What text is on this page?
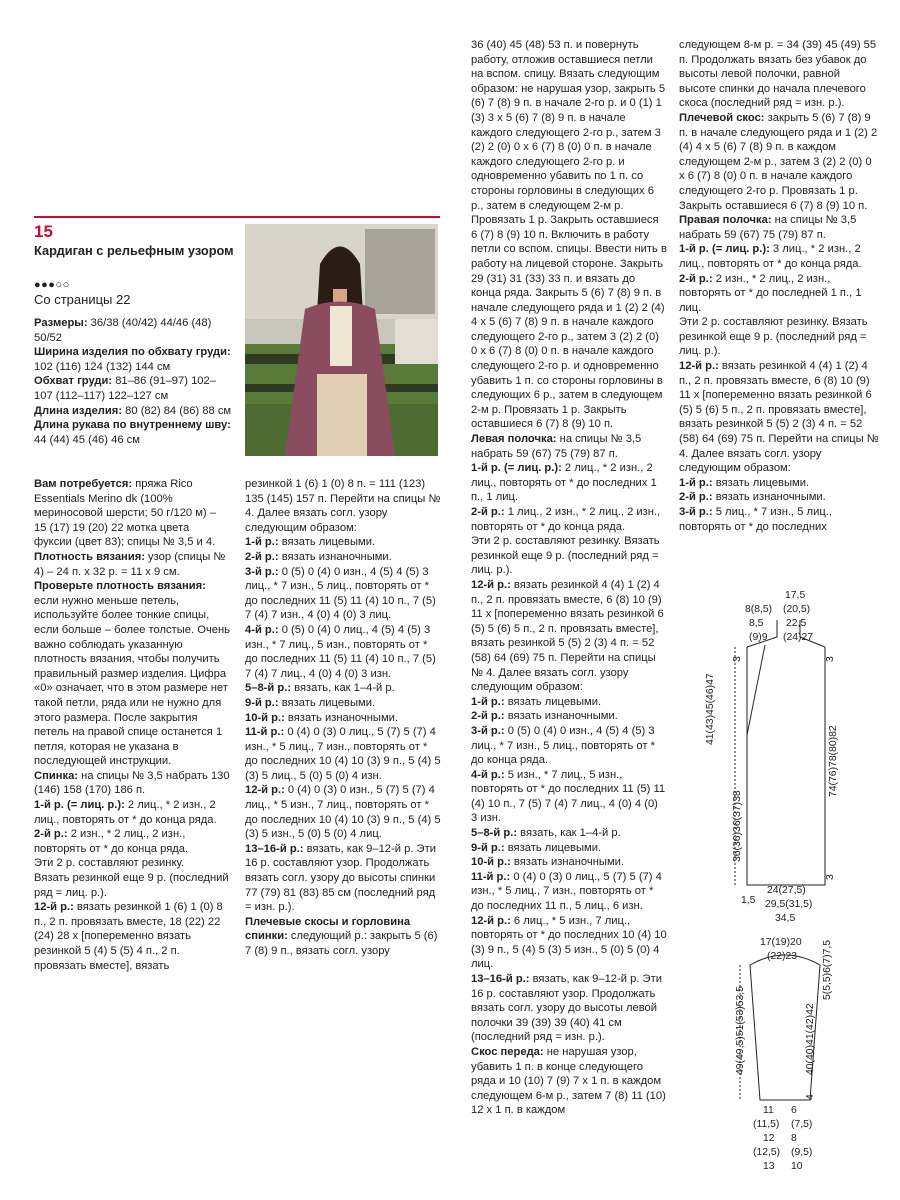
15
Кардиган с рельефным узором
●●●○○
Со страницы 22

Размеры: 36/38 (40/42) 44/46 (48) 50/52

Ширина изделия по обхвату груди: 102 (116) 124 (132) 144 см

Обхват груди: 81–86 (91–97) 102–107 (112–117) 122–127 см

Длина изделия: 80 (82) 84 (86) 88 см

Длина рукава по внутреннему шву: 44 (44) 45 (46) 46 см

Вам потребуется: пряжа Rico Essentials Merino dk (100% мериносовой шерсти; 50 г/120 м) – 15 (17) 19 (20) 22 мотка цвета фуксии (цвет 83); спицы № 3,5 и 4.

Плотность вязания: узор (спицы № 4) – 24 п. х 32 р. = 11 х 9 см.

Проверьте плотность вязания: если нужно меньше петель, используйте более тонкие спицы, если больше – более толстые. Очень важно соблюдать указанную плотность вязания, чтобы получить правильный размер изделия. Цифра «0» означает, что в этом размере нет такой петли, ряда или не нужно для этого размера. После закрытия петель на правой спице останется 1 петля, которая не указана в последующей инструкции.

Спинка: на спицы № 3,5 набрать 130 (146) 158 (170) 186 п.

1-й р. (= лиц. р.): 2 лиц., * 2 изн., 2 лиц., повторять от * до конца ряда.

2-й р.: 2 изн., * 2 лиц., 2 изн., повторять от * до конца ряда.

Эти 2 р. составляют резинку.

Вязать резинкой еще 9 р. (последний ряд = лиц. р.).

12-й р.: вязать резинкой 1 (6) 1 (0) 8 п., 2 п. провязать вместе, 18 (22) 22 (24) 28 х [попеременно вязать резинкой 5 (4) 5 (5) 4 п., 2 п. провязать вместе], вязать

резинкой 1 (6) 1 (0) 8 п. = 111 (123) 135 (145) 157 п. Перейти на спицы № 4. Далее вязать согл. узору следующим образом:

1-й р.: вязать лицевыми.

2-й р.: вязать изнаночными.

3-й р.: 0 (5) 0 (4) 0 изн., 4 (5) 4 (5) 3 лиц., * 7 изн., 5 лиц., повторять от * до последних 11 (5) 11 (4) 10 п., 7 (5) 7 (4) 7 изн., 4 (0) 4 (0) 3 лиц.

4-й р.: 0 (5) 0 (4) 0 лиц., 4 (5) 4 (5) 3 изн., * 7 лиц., 5 изн., повторять от * до последних 11 (5) 11 (4) 10 п., 7 (5) 7 (4) 7 лиц., 4 (0) 4 (0) 3 изн.

5–8-й р.: вязать, как 1–4-й р.

9-й р.: вязать лицевыми.

10-й р.: вязать изнаночными.

11-й р.: 0 (4) 0 (3) 0 лиц., 5 (7) 5 (7) 4 изн., * 5 лиц., 7 изн., повторять от * до последних 10 (4) 10 (3) 9 п., 5 (4) 5 (3) 5 лиц., 5 (0) 5 (0) 4 изн.

12-й р.: 0 (4) 0 (3) 0 изн., 5 (7) 5 (7) 4 лиц., * 5 изн., 7 лиц., повторять от * до последних 10 (4) 10 (3) 9 п., 5 (4) 5 (3) 5 изн., 5 (0) 5 (0) 4 лиц.

13–16-й р.: вязать, как 9–12-й р. Эти 16 р. составляют узор. Продолжать вязать согл. узору до высоты спинки 77 (79) 81 (83) 85 см (последний ряд = изн. р.).

Плечевые скосы и горловина спинки: следующий р.: закрыть 5 (6) 7 (8) 9 п., вязать согл. узору

36 (40) 45 (48) 53 п. и повернуть работу, отложив оставшиеся петли на вспом. спицу. Вязать следующим образом: не нарушая узор, закрыть 5 (6) 7 (8) 9 п. в начале 2-го р. и 0 (1) 1 (3) 3 х 5 (6) 7 (8) 9 п. в начале каждого следующего 2-го р., затем 3 (2) 2 (0) 0 х 6 (7) 8 (0) 0 п. в начале каждого следующего 2-го р. и одновременно убавить по 1 п. со стороны горловины в следующих 6 р., затем в следующем 2-м р. Провязать 1 р. Закрыть оставшиеся 6 (7) 8 (9) 10 п. Включить в работу петли со вспом. спицы. Ввести нить в работу на лицевой стороне. Закрыть 29 (31) 31 (33) 33 п. и вязать до конца ряда. Закрыть 5 (6) 7 (8) 9 п. в начале следующего ряда и 1 (2) 2 (4) 4 х 5 (6) 7 (8) 9 п. в начале каждого следующего 2-го р., затем 3 (2) 2 (0) 0 х 6 (7) 8 (0) 0 п. в начале каждого следующего 2-го р. и одновременно убавить 1 п. со стороны горловины в следующих 6 р., затем в следующем 2-м р. Провязать 1 р. Закрыть оставшиеся 6 (7) 8 (9) 10 п.

Левая полочка: на спицы № 3,5 набрать 59 (67) 75 (79) 87 п.

1-й р. (= лиц. р.): 2 лиц., * 2 изн., 2 лиц., повторять от * до последних 1 п., 1 лиц.

2-й р.: 1 лиц., 2 изн., * 2 лиц., 2 изн., повторять от * до конца ряда.

Эти 2 р. составляют резинку. Вязать резинкой еще 9 р. (последний ряд = лиц. р.).

12-й р.: вязать резинкой 4 (4) 1 (2) 4 п., 2 п. провязать вместе, 6 (8) 10 (9) 11 х [попеременно вязать резинкой 6 (5) 5 (6) 5 п., 2 п. провязать вместе], вязать резинкой 5 (5) 2 (3) 4 п. = 52 (58) 64 (69) 75 п. Перейти на спицы № 4. Далее вязать согл. узору следующим образом:

1-й р.: вязать лицевыми.

2-й р.: вязать изнаночными.

3-й р.: 0 (5) 0 (4) 0 изн., 4 (5) 4 (5) 3 лиц., * 7 изн., 5 лиц., повторять от * до конца ряда.

4-й р.: 5 изн., * 7 лиц., 5 изн., повторять от * до последних 11 (5) 11 (4) 10 п., 7 (5) 7 (4) 7 лиц., 4 (0) 4 (0) 3 изн.

5–8-й р.: вязать, как 1–4-й р.

9-й р.: вязать лицевыми.

10-й р.: вязать изнаночными.

11-й р.: 0 (4) 0 (3) 0 лиц., 5 (7) 5 (7) 4 изн., * 5 лиц., 7 изн., повторять от * до последних 11 п., 5 лиц., 6 изн.

12-й р.: 6 лиц., * 5 изн., 7 лиц., повторять от * до последних 10 (4) 10 (3) 9 п., 5 (4) 5 (3) 5 изн., 5 (0) 5 (0) 4 лиц.

13–16-й р.: вязать, как 9–12-й р. Эти 16 р. составляют узор. Продолжать вязать согл. узору до высоты левой полочки 39 (39) 39 (40) 41 см (последний ряд = изн. р.).

Скос переда: не нарушая узор, убавить 1 п. в конце следующего ряда и 10 (10) 7 (9) 7 х 1 п. в каждом следующем 6-м р., затем 7 (8) 11 (10) 12 х 1 п. в каждом

следующем 8-м р. = 34 (39) 45 (49) 55 п. Продолжать вязать без убавок до высоты левой полочки, равной высоте спинки до начала плечевого скоса (последний ряд = изн. р.).

Плечевой скос: закрыть 5 (6) 7 (8) 9 п. в начале следующего ряда и 1 (2) 2 (4) 4 х 5 (6) 7 (8) 9 п. в каждом следующем 2-м р., затем 3 (2) 2 (0) 0 х 6 (7) 8 (0) 0 п. в начале каждого следующего 2-го р. Провязать 1 р. Закрыть оставшиеся 6 (7) 8 (9) 10 п.

Правая полочка: на спицы № 3,5 набрать 59 (67) 75 (79) 87 п.

1-й р. (= лиц. р.): 3 лиц., * 2 изн., 2 лиц., повторять от * до конца ряда.

2-й р.: 2 изн., * 2 лиц., 2 изн., повторять от * до последней 1 п., 1 лиц.

Эти 2 р. составляют резинку. Вязать резинкой еще 9 р. (последний ряд = лиц. р.).

12-й р.: вязать резинкой 4 (4) 1 (2) 4 п., 2 п. провязать вместе, 6 (8) 10 (9) 11 х [попеременно вязать резинкой 6 (5) 5 (6) 5 п., 2 п. провязать вместе], вязать резинкой 5 (5) 2 (3) 4 п. = 52 (58) 64 (69) 75 п. Перейти на спицы № 4. Далее вязать согл. узору следующим образом:

1-й р.: вязать лицевыми.

2-й р.: вязать изнаночными.

3-й р.: 5 лиц., * 7 изн., 5 лиц., повторять от * до последних

17,5
(20,5)
22,5
(24)27
8(8,5)
8,5
(9)9
41(43)45(46)47
74(76)78(80)82
36(36)36(37)38
3	3
3
24(27,5)
29,5(31,5)
34,5
1,5
17(19)20
(22)23 5(5,5)6(7)7,5
49(49,5)51(53)53,5	40(40)41(42)42
4
11
(11,5)
12
(12,5)
13
6
(7,5)
8
(9,5)
10
